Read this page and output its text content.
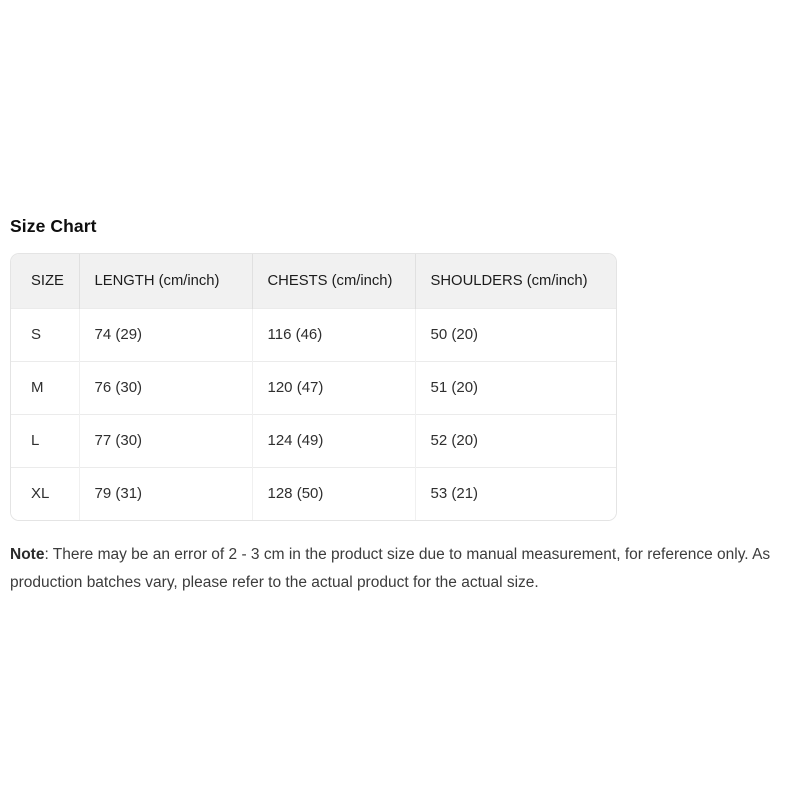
Size Chart
SIZE	LENGTH (cm/inch)	CHESTS (cm/inch)	SHOULDERS (cm/inch)
S	74 (29)	116 (46)	50 (20)
M	76 (30)	120 (47)	51 (20)
L	77 (30)	124 (49)	52 (20)
XL	79 (31)	128 (50)	53 (21)

Note: There may be an error of 2 - 3 cm in the product size due to manual measurement, for reference only. As production batches vary, please refer to the actual product for the actual size.
